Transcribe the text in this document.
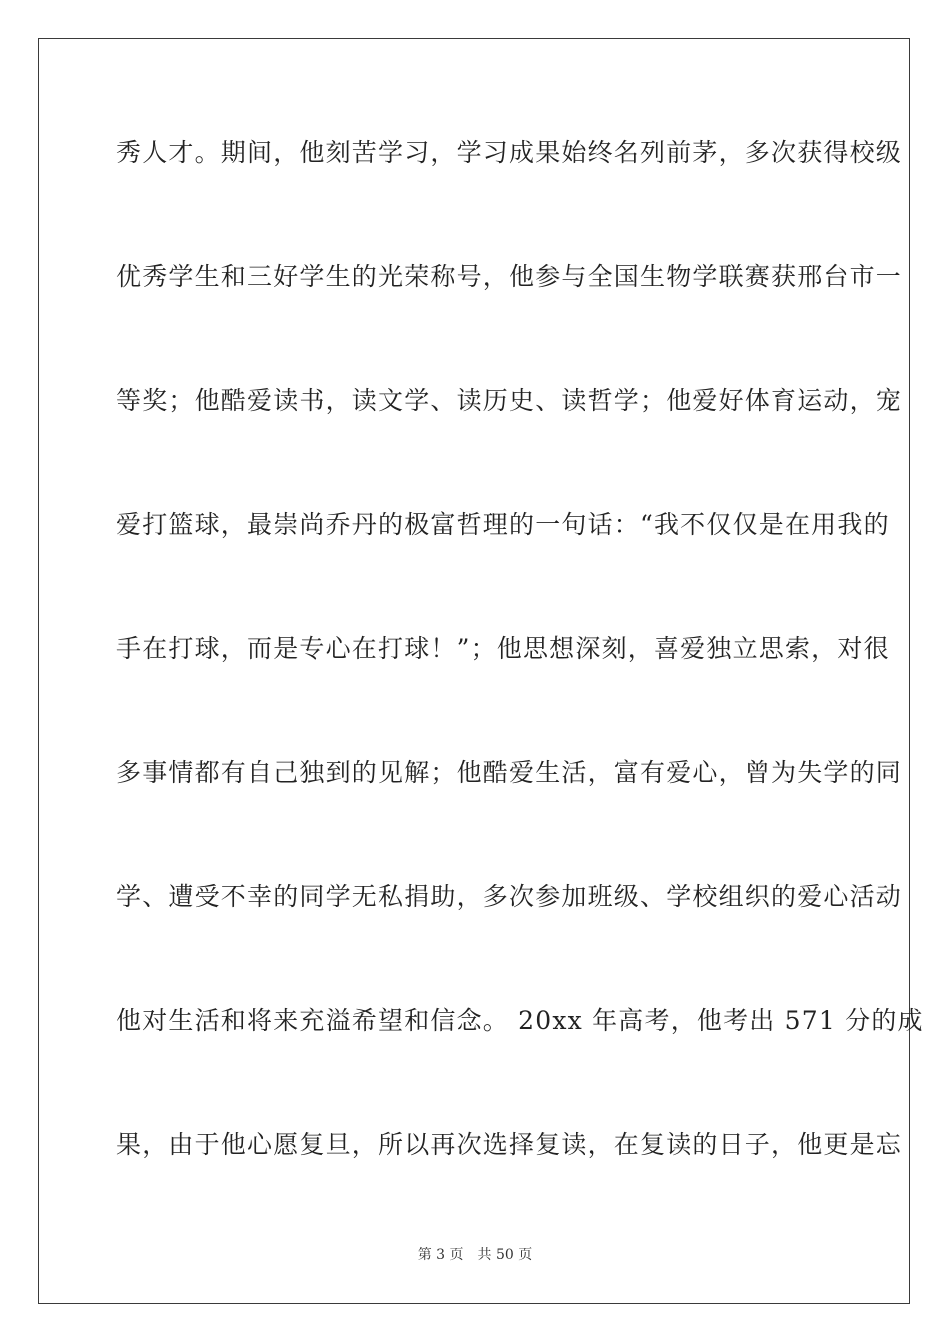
秀人才。期间，他刻苦学习，学习成果始终名列前茅，多次获得校级
优秀学生和三好学生的光荣称号，他参与全国生物学联赛获邢台市一
等奖；他酷爱读书，读文学、读历史、读哲学；他爱好体育运动，宠
爱打篮球，最崇尚乔丹的极富哲理的一句话：“我不仅仅是在用我的
手在打球，而是专心在打球！”；他思想深刻，喜爱独立思索，对很
多事情都有自己独到的见解；他酷爱生活，富有爱心，曾为失学的同
学、遭受不幸的同学无私捐助，多次参加班级、学校组织的爱心活动
他对生活和将来充溢希望和信念。 20xx 年高考，他考出 571 分的成
果，由于他心愿复旦，所以再次选择复读，在复读的日子，他更是忘
第 3 页 共 50 页
